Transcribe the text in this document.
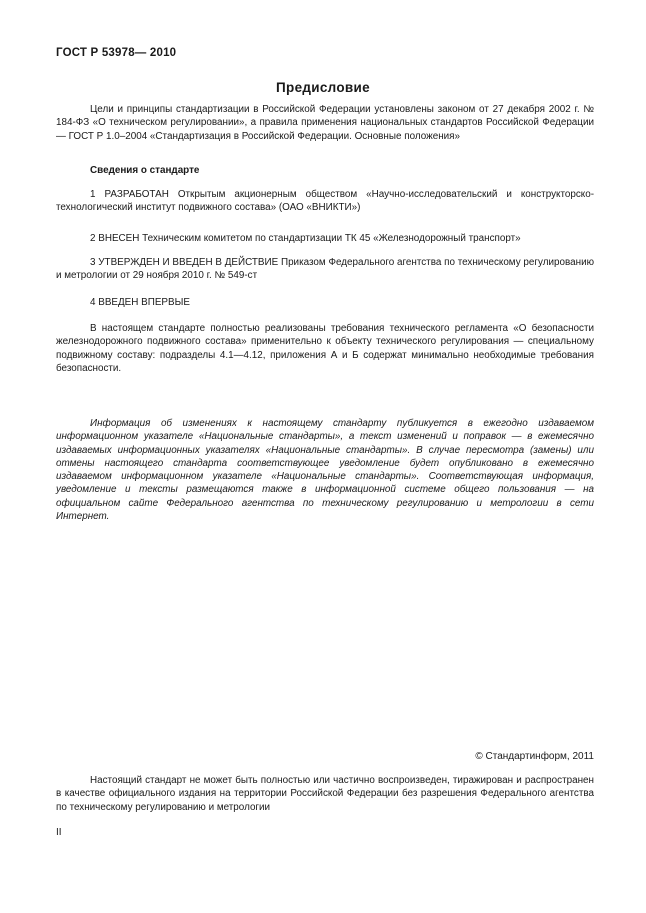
ГОСТ Р 53978— 2010
Предисловие

Цели и принципы стандартизации в Российской Федерации установлены законом от 27 декабря 2002 г. № 184-ФЗ «О техническом регулировании», а правила применения национальных стандартов Российской Федерации — ГОСТ Р 1.0–2004 «Стандартизация в Российской Федерации. Основные положения»

Сведения о стандарте

1 РАЗРАБОТАН Открытым акционерным обществом «Научно-исследовательский и конструкторско-технологический институт подвижного состава» (ОАО «ВНИКТИ»)

2 ВНЕСЕН Техническим комитетом по стандартизации ТК 45 «Железнодорожный транспорт»

3 УТВЕРЖДЕН И ВВЕДЕН В ДЕЙСТВИЕ Приказом Федерального агентства по техническому регулированию и метрологии от 29 ноября 2010 г. № 549-ст

4 ВВЕДЕН ВПЕРВЫЕ

В настоящем стандарте полностью реализованы требования технического регламента «О безопасности железнодорожного подвижного состава» применительно к объекту технического регулирования — специальному подвижному составу: подразделы 4.1—4.12, приложения А и Б содержат минимально необходимые требования безопасности.

Информация об изменениях к настоящему стандарту публикуется в ежегодно издаваемом информационном указателе «Национальные стандарты», а текст изменений и поправок — в ежемесячно издаваемых информационных указателях «Национальные стандарты». В случае пересмотра (замены) или отмены настоящего стандарта соответствующее уведомление будет опубликовано в ежемесячно издаваемом информационном указателе «Национальные стандарты». Соответствующая информация, уведомление и тексты размещаются также в информационной системе общего пользования — на официальном сайте Федерального агентства по техническому регулированию и метрологии в сети Интернет.

© Стандартинформ, 2011

Настоящий стандарт не может быть полностью или частично воспроизведен, тиражирован и распространен в качестве официального издания на территории Российской Федерации без разрешения Федерального агентства по техническому регулированию и метрологии

II
